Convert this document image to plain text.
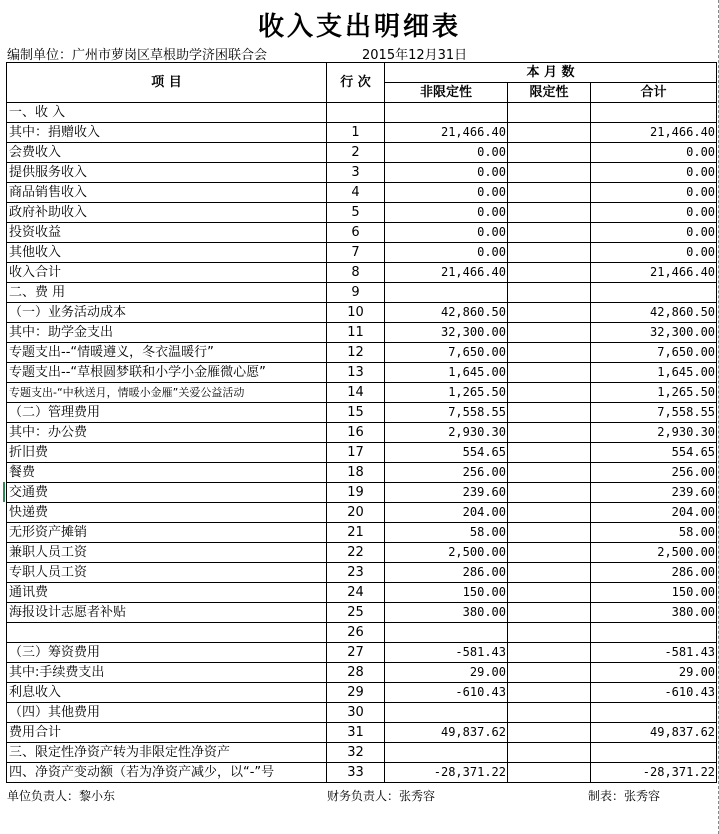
收入支出明细表
编制单位：广州市萝岗区草根助学济困联合会	2015年12月31日
项 目	行 次	本 月 数		
		非限定性	限定性	合计
一、收 入				
其中：捐赠收入	1	21,466.40		21,466.40
会费收入	2	0.00		0.00
提供服务收入	3	0.00		0.00
商品销售收入	4	0.00		0.00
政府补助收入	5	0.00		0.00
投资收益	6	0.00		0.00
其他收入	7	0.00		0.00
收入合计	8	21,466.40		21,466.40
二、费 用	9			
（一）业务活动成本	10	42,860.50		42,860.50
其中：助学金支出	11	32,300.00		32,300.00
专题支出--“情暖遵义，冬衣温暖行”	12	7,650.00		7,650.00
专题支出--“草根圆梦联和小学小金雁微心愿”	13	1,645.00		1,645.00
专题支出-“中秋送月，情暖小金雁”关爱公益活动	14	1,265.50		1,265.50
（二）管理费用	15	7,558.55		7,558.55
其中：办公费	16	2,930.30		2,930.30
折旧费	17	554.65		554.65
餐费	18	256.00		256.00
交通费	19	239.60		239.60
快递费	20	204.00		204.00
无形资产摊销	21	58.00		58.00
兼职人员工资	22	2,500.00		2,500.00
专职人员工资	23	286.00		286.00
通讯费	24	150.00		150.00
海报设计志愿者补贴	25	380.00		380.00
	26			
（三）筹资费用	27	-581.43		-581.43
其中:手续费支出	28	29.00		29.00
利息收入	29	-610.43		-610.43
（四）其他费用	30			
费用合计	31	49,837.62		49,837.62
三、限定性净资产转为非限定性净资产	32			
四、净资产变动额（若为净资产减少，以“-”号	33	-28,371.22		-28,371.22
单位负责人：黎小东	财务负责人：张秀容	制表：张秀容
